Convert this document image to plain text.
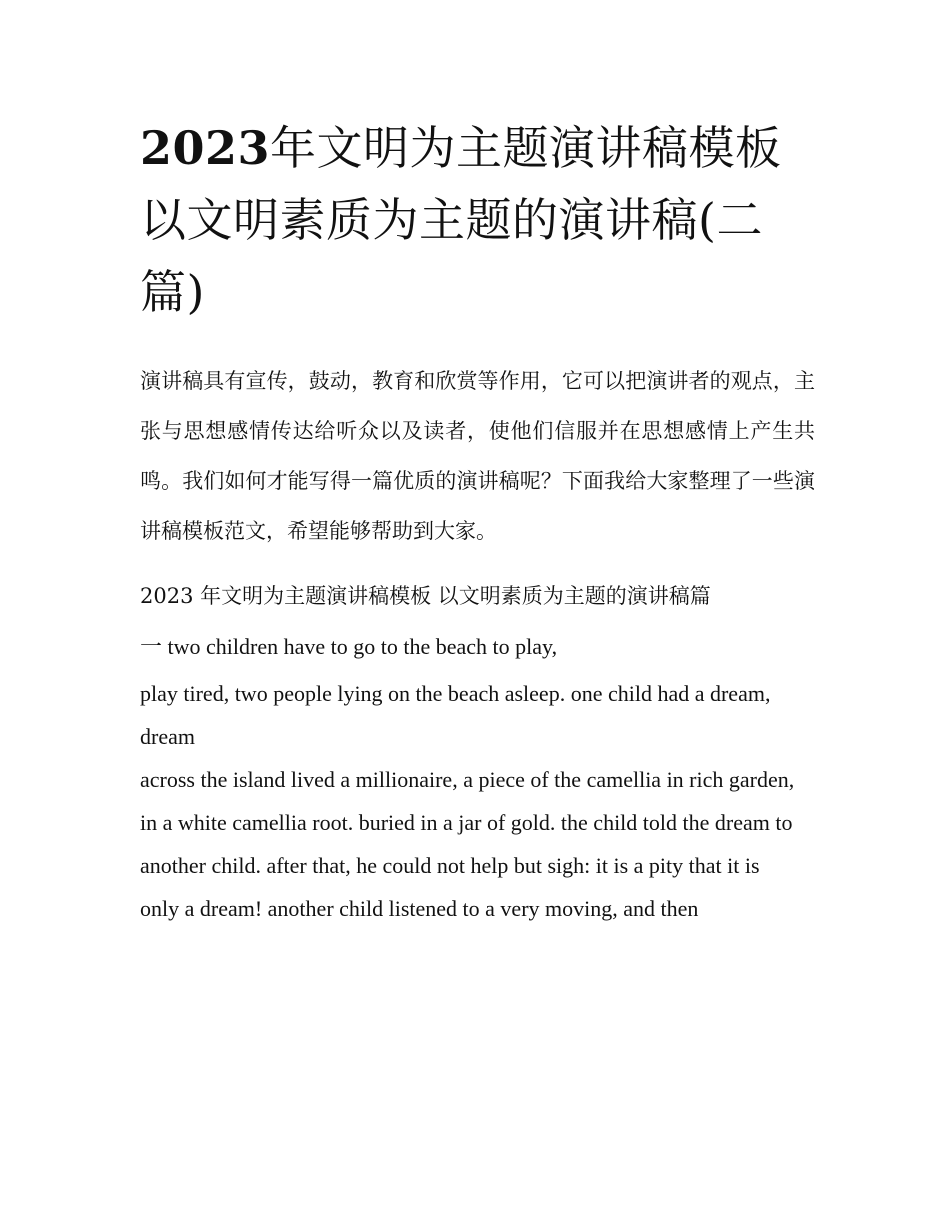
2023年文明为主题演讲稿模板 以文明素质为主题的演讲稿(二篇)

演讲稿具有宣传，鼓动，教育和欣赏等作用，它可以把演讲者的观点，主张与思想感情传达给听众以及读者，使他们信服并在思想感情上产生共鸣。我们如何才能写得一篇优质的演讲稿呢？下面我给大家整理了一些演讲稿模板范文，希望能够帮助到大家。

2023 年文明为主题演讲稿模板 以文明素质为主题的演讲稿篇

一 two children have to go to the beach to play,

play tired, two people lying on the beach asleep. one child had a dream, dream

across the island lived a millionaire, a piece of the camellia in rich garden,

in a white camellia root. buried in a jar of gold. the child told the dream to

another child. after that, he could not help but sigh: it is a pity that it is

only a dream! another child listened to a very moving, and then
